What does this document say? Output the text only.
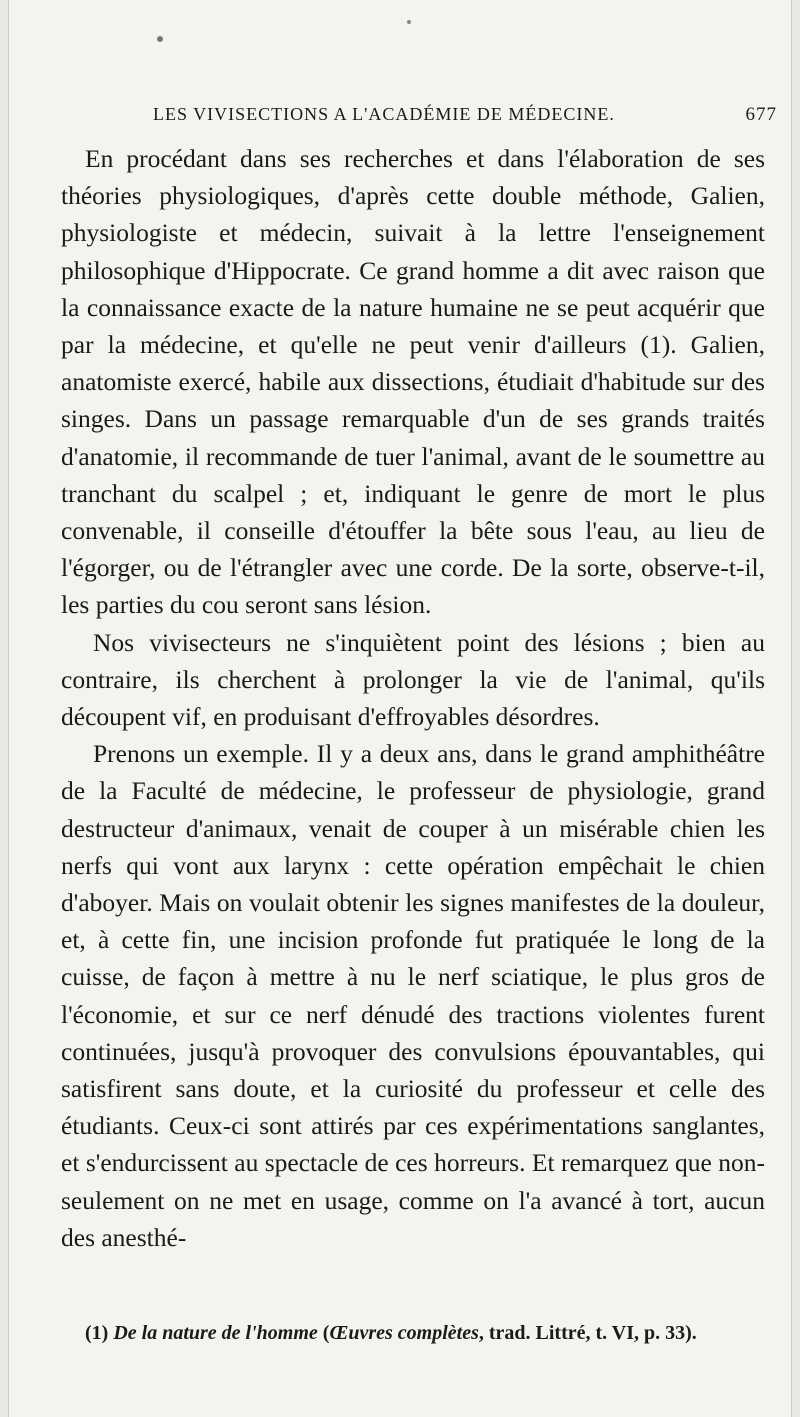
LES VIVISECTIONS A L'ACADÉMIE DE MÉDECINE.	677

En procédant dans ses recherches et dans l'élaboration de ses théories physiologiques, d'après cette double méthode, Galien, physiologiste et médecin, suivait à la lettre l'enseignement philosophique d'Hippocrate. Ce grand homme a dit avec raison que la connaissance exacte de la nature humaine ne se peut acquérir que par la médecine, et qu'elle ne peut venir d'ailleurs (1). Galien, anatomiste exercé, habile aux dissections, étudiait d'habitude sur des singes. Dans un passage remarquable d'un de ses grands traités d'anatomie, il recommande de tuer l'animal, avant de le soumettre au tranchant du scalpel ; et, indiquant le genre de mort le plus convenable, il conseille d'étouffer la bête sous l'eau, au lieu de l'égorger, ou de l'étrangler avec une corde. De la sorte, observe-t-il, les parties du cou seront sans lésion.

Nos vivisecteurs ne s'inquiètent point des lésions ; bien au contraire, ils cherchent à prolonger la vie de l'animal, qu'ils découpent vif, en produisant d'effroyables désordres.

Prenons un exemple. Il y a deux ans, dans le grand amphithéâtre de la Faculté de médecine, le professeur de physiologie, grand destructeur d'animaux, venait de couper à un misérable chien les nerfs qui vont aux larynx : cette opération empêchait le chien d'aboyer. Mais on voulait obtenir les signes manifestes de la douleur, et, à cette fin, une incision profonde fut pratiquée le long de la cuisse, de façon à mettre à nu le nerf sciatique, le plus gros de l'économie, et sur ce nerf dénudé des tractions violentes furent continuées, jusqu'à provoquer des convulsions épouvantables, qui satisfirent sans doute, et la curiosité du professeur et celle des étudiants. Ceux-ci sont attirés par ces expérimentations sanglantes, et s'endurcissent au spectacle de ces horreurs. Et remarquez que non-seulement on ne met en usage, comme on l'a avancé à tort, aucun des anesthé-

(1) De la nature de l'homme (Œuvres complètes, trad. Littré, t. VI, p. 33).
